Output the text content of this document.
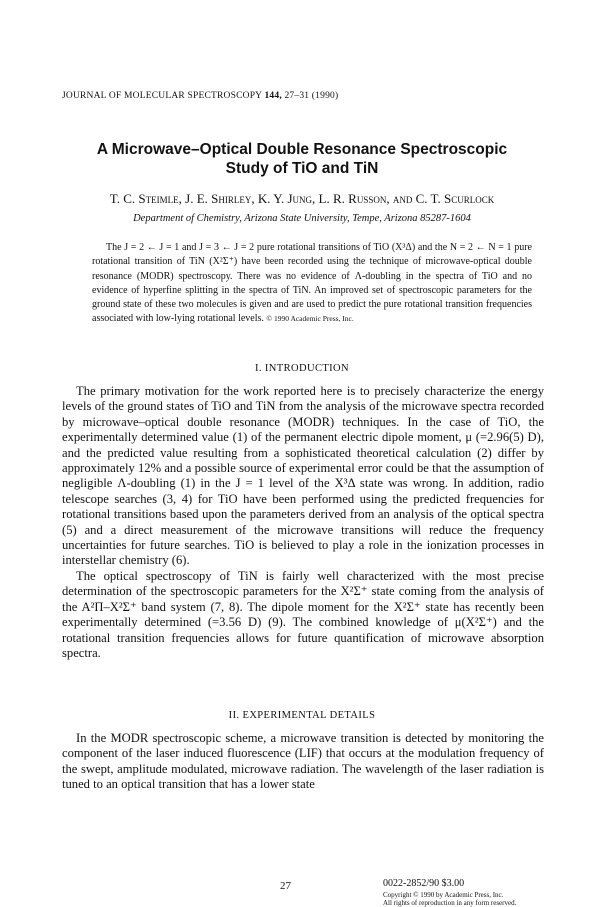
JOURNAL OF MOLECULAR SPECTROSCOPY 144, 27–31 (1990)
A Microwave–Optical Double Resonance Spectroscopic
Study of TiO and TiN
T. C. Steimle, J. E. Shirley, K. Y. Jung, L. R. Russon, and C. T. Scurlock
Department of Chemistry, Arizona State University, Tempe, Arizona 85287-1604

The J = 2 ← J = 1 and J = 3 ← J = 2 pure rotational transitions of TiO (X³Δ) and the N = 2 ← N = 1 pure rotational transition of TiN (X²Σ⁺) have been recorded using the technique of microwave-optical double resonance (MODR) spectroscopy. There was no evidence of Λ-doubling in the spectra of TiO and no evidence of hyperfine splitting in the spectra of TiN. An improved set of spectroscopic parameters for the ground state of these two molecules is given and are used to predict the pure rotational transition frequencies associated with low-lying rotational levels. © 1990 Academic Press, Inc.

I. INTRODUCTION

The primary motivation for the work reported here is to precisely characterize the energy levels of the ground states of TiO and TiN from the analysis of the microwave spectra recorded by microwave–optical double resonance (MODR) techniques. In the case of TiO, the experimentally determined value (1) of the permanent electric dipole moment, μ (=2.96(5) D), and the predicted value resulting from a sophisticated theoretical calculation (2) differ by approximately 12% and a possible source of experimental error could be that the assumption of negligible Λ-doubling (1) in the J = 1 level of the X³Δ state was wrong. In addition, radio telescope searches (3, 4) for TiO have been performed using the predicted frequencies for rotational transitions based upon the parameters derived from an analysis of the optical spectra (5) and a direct measurement of the microwave transitions will reduce the frequency uncertainties for future searches. TiO is believed to play a role in the ionization processes in interstellar chemistry (6).

The optical spectroscopy of TiN is fairly well characterized with the most precise determination of the spectroscopic parameters for the X²Σ⁺ state coming from the analysis of the A²Π–X²Σ⁺ band system (7, 8). The dipole moment for the X²Σ⁺ state has recently been experimentally determined (=3.56 D) (9). The combined knowledge of μ(X²Σ⁺) and the rotational transition frequencies allows for future quantification of microwave absorption spectra.

II. EXPERIMENTAL DETAILS

In the MODR spectroscopic scheme, a microwave transition is detected by monitoring the component of the laser induced fluorescence (LIF) that occurs at the modulation frequency of the swept, amplitude modulated, microwave radiation. The wavelength of the laser radiation is tuned to an optical transition that has a lower state

27	0022-2852/90 $3.00
Copyright © 1990 by Academic Press, Inc.
All rights of reproduction in any form reserved.
